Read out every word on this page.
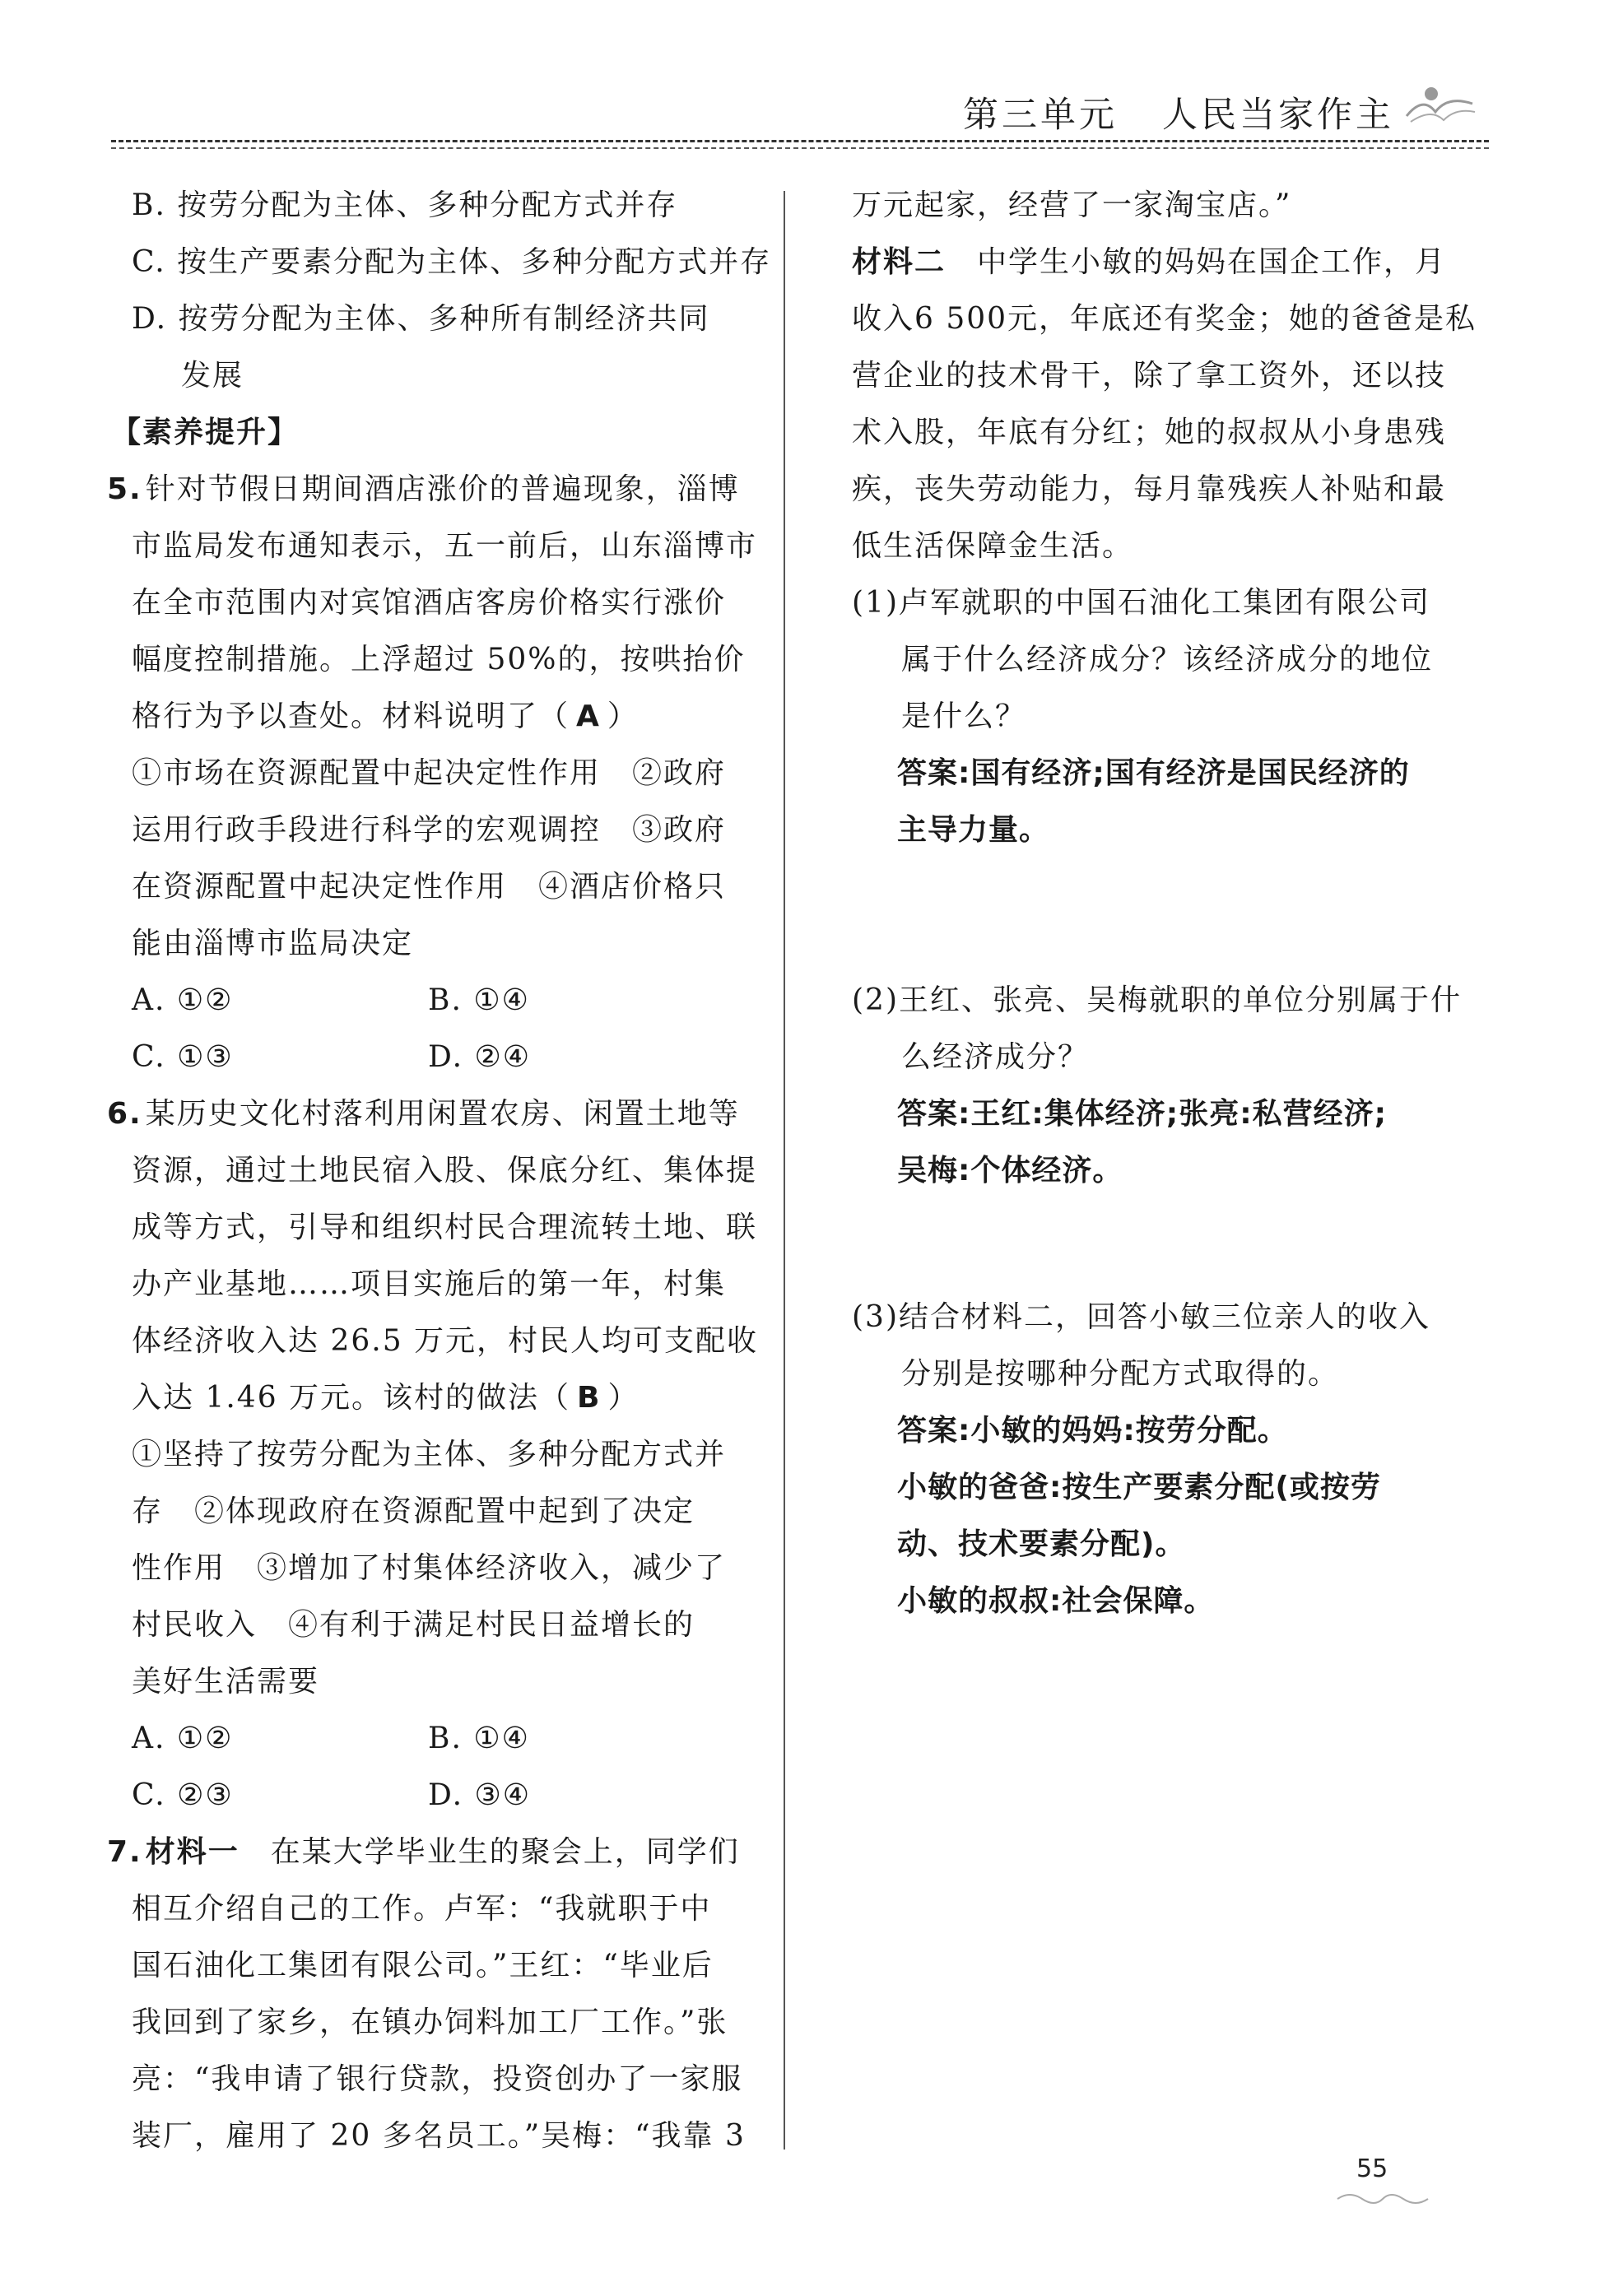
第三单元 人民当家作主
B. 按劳分配为主体、多种分配方式并存
C. 按生产要素分配为主体、多种分配方式并存
D. 按劳分配为主体、多种所有制经济共同
发展
【素养提升】
5. 针对节假日期间酒店涨价的普遍现象，淄博
市监局发布通知表示，五一前后，山东淄博市
在全市范围内对宾馆酒店客房价格实行涨价
幅度控制措施。上浮超过 50%的，按哄抬价
格行为予以查处。材料说明了（ A ）
①市场在资源配置中起决定性作用　②政府
运用行政手段进行科学的宏观调控　③政府
在资源配置中起决定性作用　④酒店价格只
能由淄博市监局决定
A. ①②	B. ①④
C. ①③	D. ②④
6. 某历史文化村落利用闲置农房、闲置土地等
资源，通过土地民宿入股、保底分红、集体提
成等方式，引导和组织村民合理流转土地、联
办产业基地……项目实施后的第一年，村集
体经济收入达 26.5 万元，村民人均可支配收
入达 1.46 万元。该村的做法（ B ）
①坚持了按劳分配为主体、多种分配方式并
存　②体现政府在资源配置中起到了决定
性作用　③增加了村集体经济收入，减少了
村民收入　④有利于满足村民日益增长的
美好生活需要
A. ①②	B. ①④
C. ②③	D. ③④
7. 材料一　在某大学毕业生的聚会上，同学们
相互介绍自己的工作。卢军：“我就职于中
国石油化工集团有限公司。”王红：“毕业后
我回到了家乡，在镇办饲料加工厂工作。”张
亮：“我申请了银行贷款，投资创办了一家服
装厂，雇用了 20 多名员工。”吴梅：“我靠 3
万元起家，经营了一家淘宝店。”
材料二　中学生小敏的妈妈在国企工作，月
收入6 500元，年底还有奖金；她的爸爸是私
营企业的技术骨干，除了拿工资外，还以技
术入股，年底有分红；她的叔叔从小身患残
疾，丧失劳动能力，每月靠残疾人补贴和最
低生活保障金生活。
(1)卢军就职的中国石油化工集团有限公司
属于什么经济成分？该经济成分的地位
是什么？
答案:国有经济;国有经济是国民经济的
主导力量。
(2)王红、张亮、吴梅就职的单位分别属于什
么经济成分？
答案:王红:集体经济;张亮:私营经济;
吴梅:个体经济。
(3)结合材料二，回答小敏三位亲人的收入
分别是按哪种分配方式取得的。
答案:小敏的妈妈:按劳分配。
小敏的爸爸:按生产要素分配(或按劳
动、技术要素分配)。
小敏的叔叔:社会保障。
55
